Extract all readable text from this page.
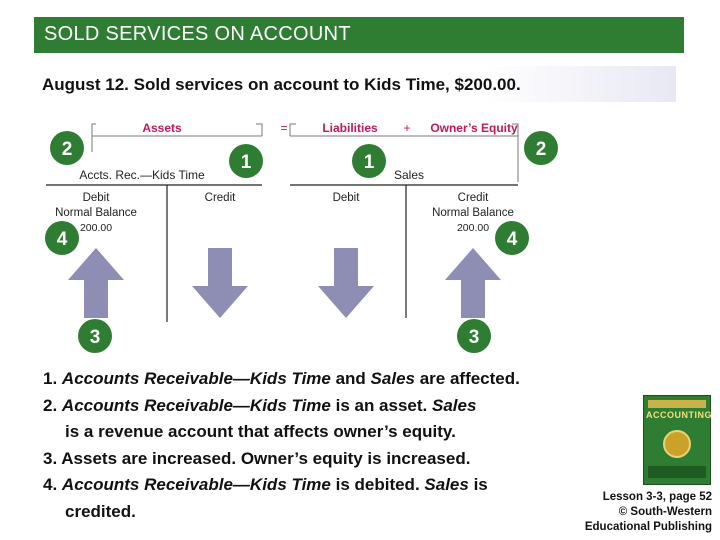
SOLD SERVICES ON ACCOUNT
August 12. Sold services on account to Kids Time, $200.00.
Assets	=	Liabilities + Owner’s Equity
Accts. Rec.—Kids Time
Debit
Normal Balance
200.00
Credit
Sales
Debit	Credit
Normal Balance
200.00
2
1	1
2
4	4
3	3
1. Accounts Receivable—Kids Time and Sales are affected.
2. Accounts Receivable—Kids Time is an asset. Sales
is a revenue account that affects owner’s equity.
3. Assets are increased. Owner’s equity is increased.
4. Accounts Receivable—Kids Time is debited. Sales is
credited.
ACCOUNTING
Lesson 3-3, page 52
© South-Western
Educational Publishing
